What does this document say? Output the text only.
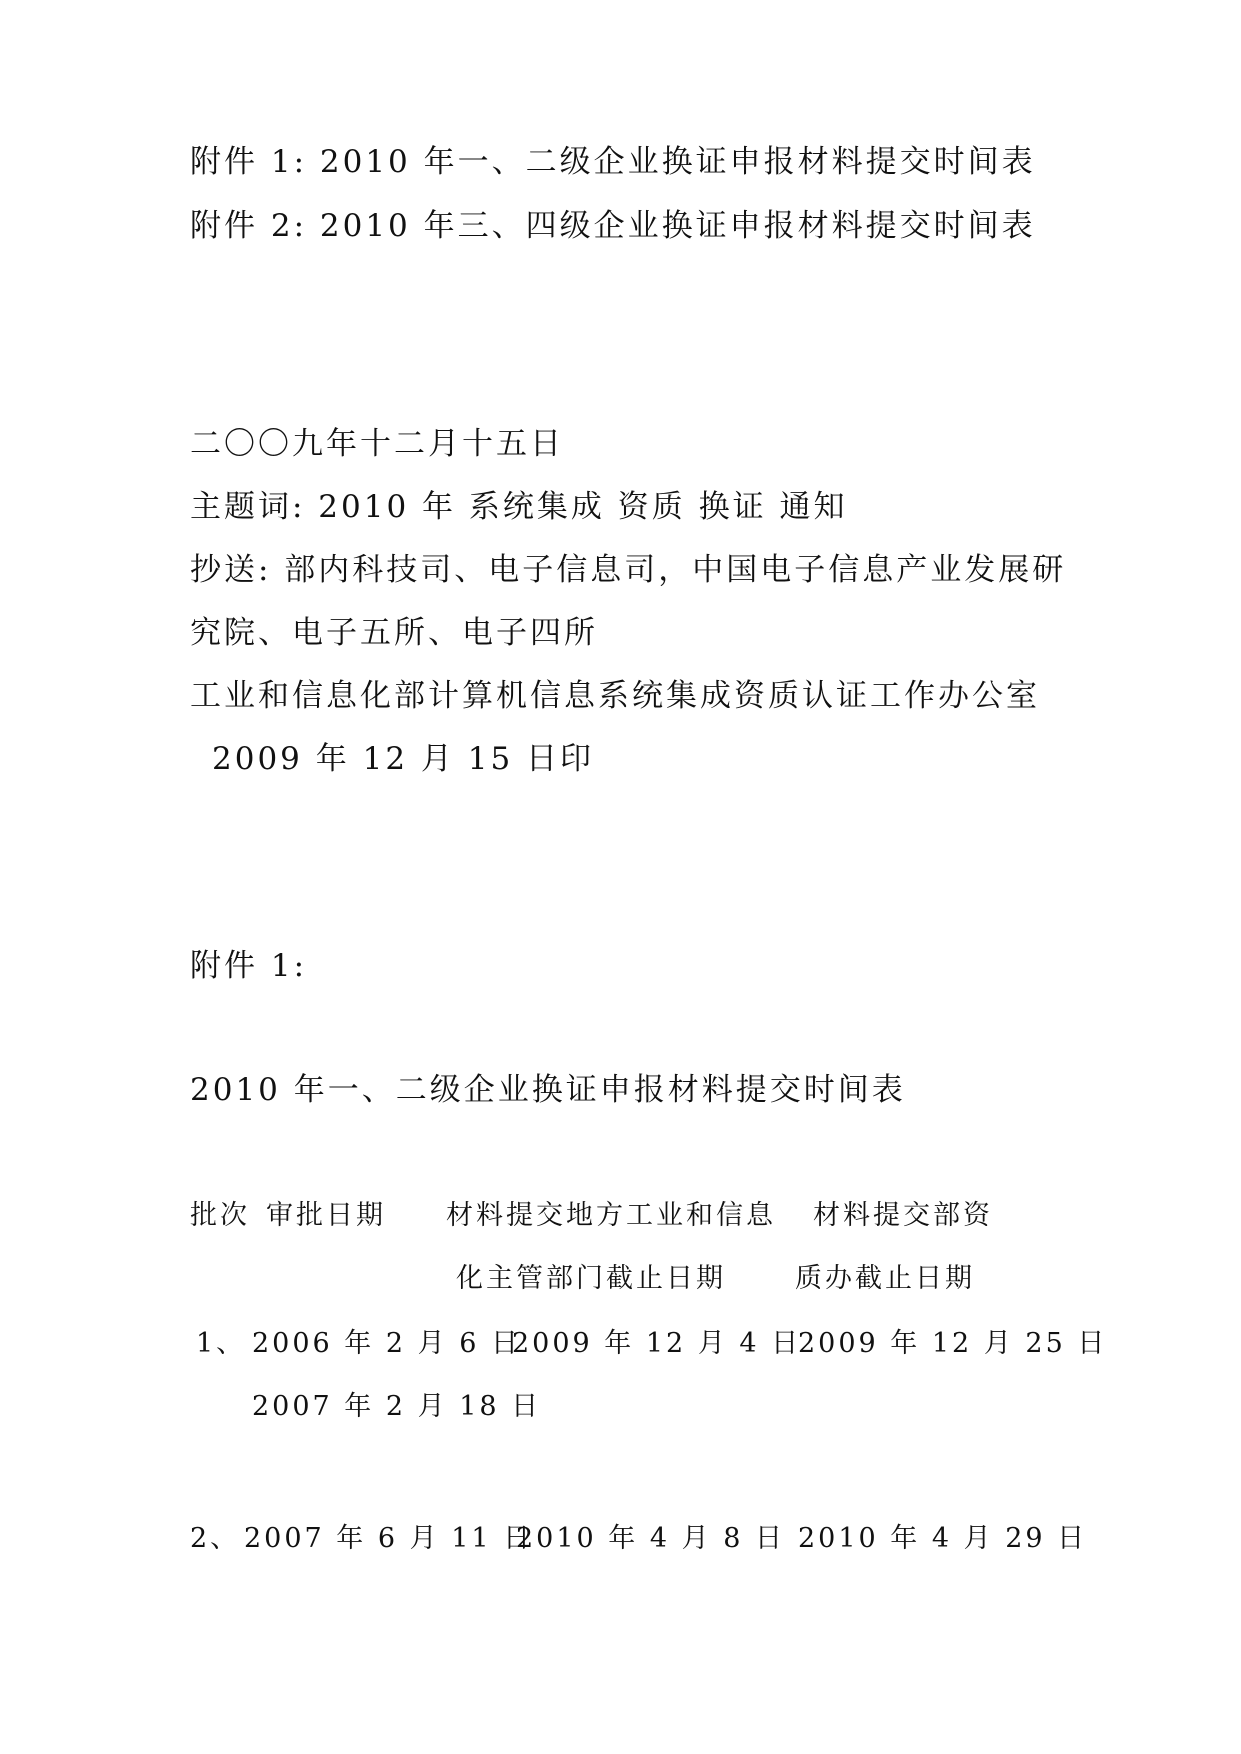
附件 1: 2010 年一、二级企业换证申报材料提交时间表
附件 2: 2010 年三、四级企业换证申报材料提交时间表
二〇〇九年十二月十五日
主题词: 2010 年 系统集成 资质 换证 通知
抄送: 部内科技司、电子信息司，中国电子信息产业发展研
究院、电子五所、电子四所
工业和信息化部计算机信息系统集成资质认证工作办公室
2009 年 12 月 15 日印
附件 1:
2010 年一、二级企业换证申报材料提交时间表
批次 审批日期 材料提交地方工业和信息
化主管部门截止日期
材料提交部资
质办截止日期
1、 2006 年 2 月 6 日
2007 年 2 月 18 日
2009 年 12 月 4 日
2009 年 12 月 25 日
2、 2007 年 6 月 11 日
2010 年 4 月 8 日 2010 年 4 月 29 日
